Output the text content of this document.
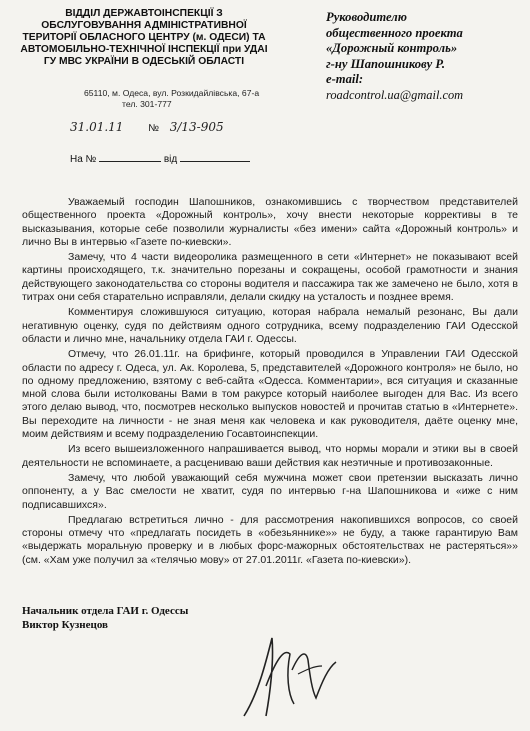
ВІДДІЛ ДЕРЖАВТОІНСПЕКЦІЇ З
ОБСЛУГОВУВАННЯ АДМІНІСТРАТИВНОЇ
ТЕРИТОРІЇ ОБЛАСНОГО ЦЕНТРУ (м. ОДЕСИ) ТА
АВТОМОБІЛЬНО-ТЕХНІЧНОЇ ІНСПЕКЦІЇ при УДАІ
ГУ МВС УКРАЇНИ В ОДЕСЬКІЙ ОБЛАСТІ
65110, м. Одеса, вул. Розкидайлівська, 67-а
тел. 301-777
Руководителю
общественного проекта
«Дорожный контроль»
г-ну Шапошникову Р.
e-mail:
roadcontrol.ua@gmail.com
31.01.11 № 3/13-905
На №	від

Уважаемый господин Шапошников, ознакомившись с творчеством представителей общественного проекта «Дорожный контроль», хочу внести некоторые коррективы в те высказывания, которые себе позволили журналисты «без имени» сайта «Дорожный контроль» и лично Вы в интервью «Газете по-киевски».

Замечу, что 4 части видеоролика размещенного в сети «Интернет» не показывают всей картины происходящего, т.к. значительно порезаны и сокращены, особой грамотности и знания действующего законодательства со стороны водителя и пассажира так же замечено не было, хотя в титрах они себя старательно исправляли, делали скидку на усталость и позднее время.

Комментируя сложившуюся ситуацию, которая набрала немалый резонанс, Вы дали негативную оценку, судя по действиям одного сотрудника, всему подразделению ГАИ Одесской области и лично мне, начальнику отдела ГАИ г. Одессы.

Отмечу, что 26.01.11г. на брифинге, который проводился в Управлении ГАИ Одесской области по адресу г. Одеса, ул. Ак. Королева, 5, представителей «Дорожного контроля» не было, но по одному предложению, взятому с веб-сайта «Одесса. Комментарии», вся ситуация и сказанные мной слова были истолкованы Вами в том ракурсе который наиболее выгоден для Вас. Из всего этого делаю вывод, что, посмотрев несколько выпусков новостей и прочитав статью в «Интернете». Вы переходите на личности - не зная меня как человека и как руководителя, даёте оценку мне, моим действиям и всему подразделению Госавтоинспекции.

Из всего вышеизложенного напрашивается вывод, что нормы морали и этики вы в своей деятельности не вспоминаете, а расцениваю ваши действия как неэтичные и противозаконные.

Замечу, что любой уважающий себя мужчина может свои претензии высказать лично оппоненту, а у Вас смелости не хватит, судя по интервью г-на Шапошникова и «иже с ним подписавшихся».

Предлагаю встретиться лично - для рассмотрения накопившихся вопросов, со своей стороны отмечу что «предлагать посидеть в «обезьяннике»» не буду, а также гарантирую Вам «выдержать моральную проверку и в любых форс-мажорных обстоятельствах не растеряться»» (см. «Хам уже получил за «телячью мову» от 27.01.2011г. «Газета по-киевски»).

Начальник отдела ГАИ г. Одессы
Виктор Кузнецов
